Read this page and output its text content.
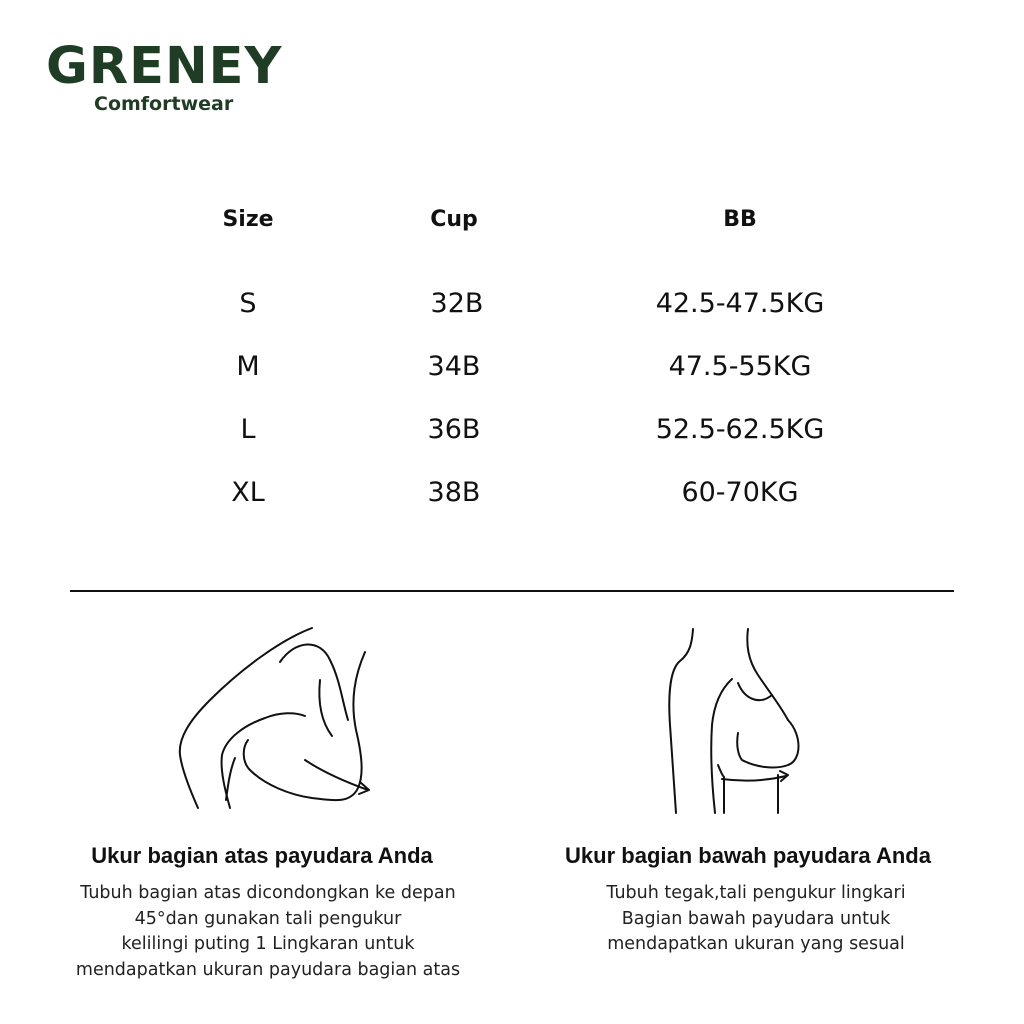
GRENEY
Comfortwear
Size	Cup	BB
S	32B	42.5-47.5KG
M	34B	47.5-55KG
L	36B	52.5-62.5KG
XL	38B	60-70KG
Ukur bagian atas payudara Anda
Tubuh bagian atas dicondongkan ke depan
45°dan gunakan tali pengukur
kelilingi puting 1 Lingkaran untuk
mendapatkan ukuran payudara bagian atas
Ukur bagian bawah payudara Anda
Tubuh tegak,tali pengukur lingkari
Bagian bawah payudara untuk
mendapatkan ukuran yang sesual
